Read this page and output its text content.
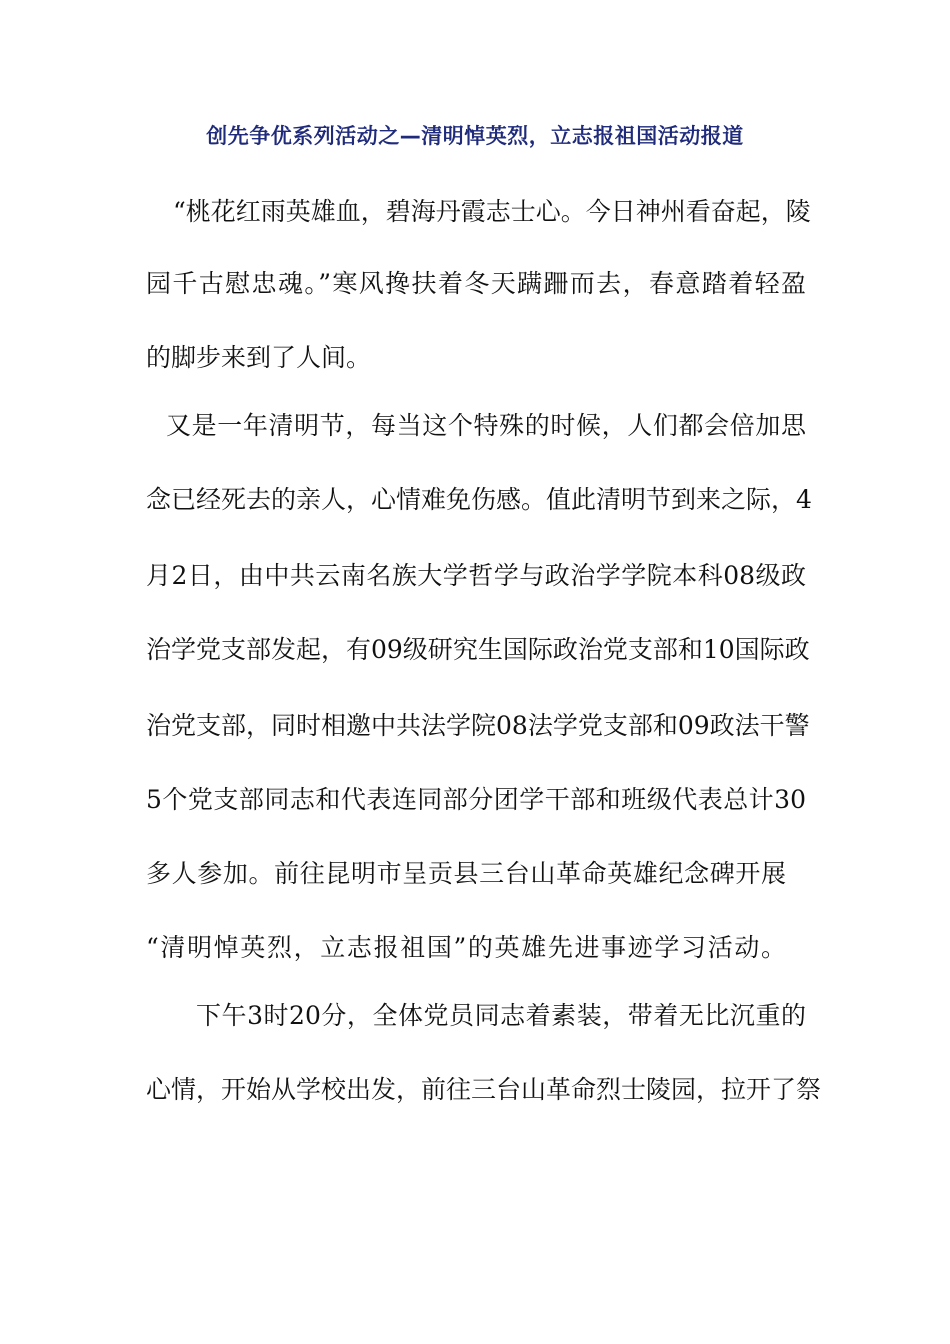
创先争优系列活动之—清明悼英烈，立志报祖国活动报道
“桃花红雨英雄血，碧海丹霞志士心。今日神州看奋起，陵
园千古慰忠魂。”寒风搀扶着冬天蹒跚而去，春意踏着轻盈
的脚步来到了人间。
又是一年清明节，每当这个特殊的时候，人们都会倍加思
念已经死去的亲人，心情难免伤感。值此清明节到来之际，4
月2日，由中共云南名族大学哲学与政治学学院本科08级政
治学党支部发起，有09级研究生国际政治党支部和10国际政
治党支部，同时相邀中共法学院08法学党支部和09政法干警
5个党支部同志和代表连同部分团学干部和班级代表总计30
多人参加。前往昆明市呈贡县三台山革命英雄纪念碑开展
“清明悼英烈，立志报祖国”的英雄先进事迹学习活动。
下午3时20分，全体党员同志着素装，带着无比沉重的
心情，开始从学校出发，前往三台山革命烈士陵园，拉开了祭
